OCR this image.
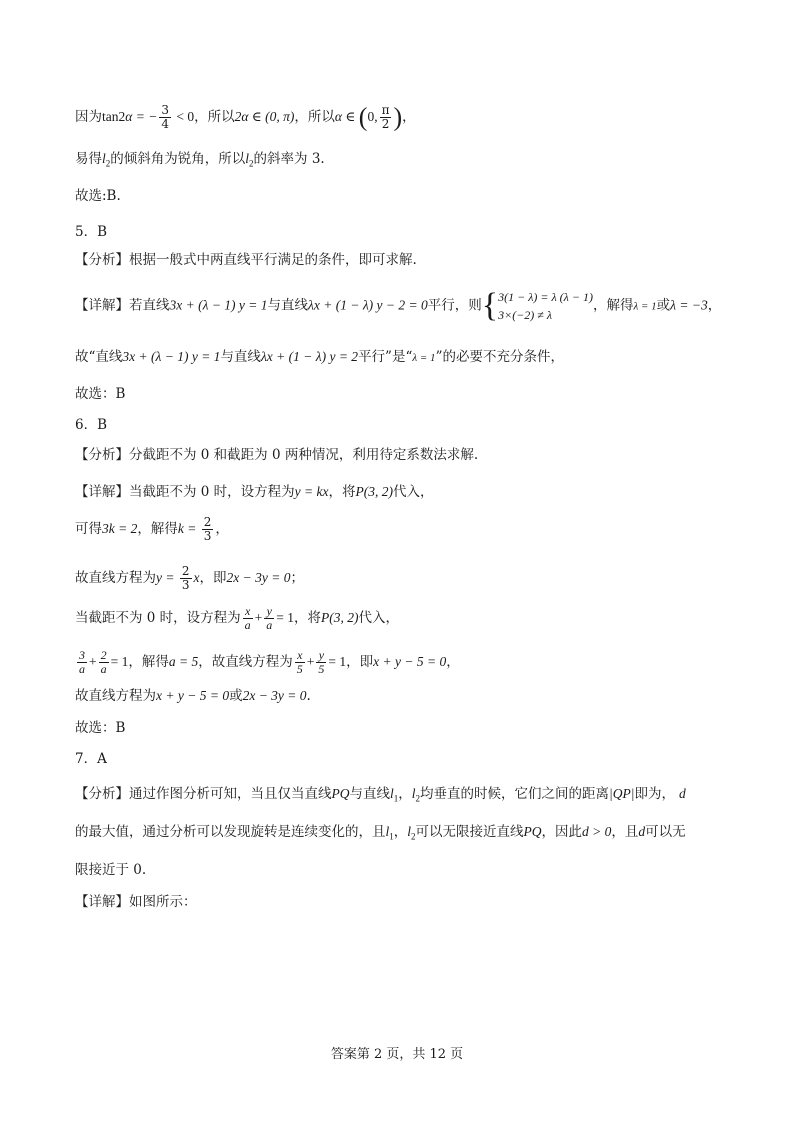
因为tan2α = − $\frac{3}{4} < 0$，所以2α ∈ (0, π)，所以α ∈ (0, $\frac{\pi}{2}$ )，
易得$l_2$的倾斜角为锐角，所以$l_2$的斜率为 3.
故选:B.
5．B
【分析】根据一般式中两直线平行满足的条件，即可求解.
【详解】若直线3x + (λ − 1) y = 1与直线λx + (1 − λ) y − 2 = 0平行，则{ 3(1 − λ) = λ (λ − 1)
3×(−2) ≠ λ
，解得λ = 1或λ = −3，
故“直线3x + (λ − 1) y = 1与直线λx + (1 − λ) y = 2平行”是“λ = 1”的必要不充分条件，
故选：B
6．B
【分析】分截距不为 0 和截距为 0 两种情况，利用待定系数法求解.
【详解】当截距不为 0 时，设方程为y = kx，将P(3, 2)代入，
可得3k = 2，解得$k = \frac{2}{3}$ ，
故直线方程为$y = \frac{2}{3}$ x，即2x − 3y = 0；
当截距不为 0 时，设方程为 $\frac{x}{a} + \frac{y}{a} = 1$，将P(3, 2)代入，
$\frac{3}{a} + \frac{2}{a} = 1$，解得a = 5，故直线方程为 $\frac{x}{5} + \frac{y}{5} = 1$，即x + y − 5 = 0，
故直线方程为x + y − 5 = 0或2x − 3y = 0.
故选：B
7．A
【分析】通过作图分析可知，当且仅当直线PQ与直线$l_1$，$l_2$均垂直的时候，它们之间的距离|QP|即为， d
的最大值，通过分析可以发现旋转是连续变化的，且$l_1$，$l_2$可以无限接近直线PQ，因此d > 0，且d可以无
限接近于 0.
【详解】如图所示：
答案第 2 页，共 12 页
